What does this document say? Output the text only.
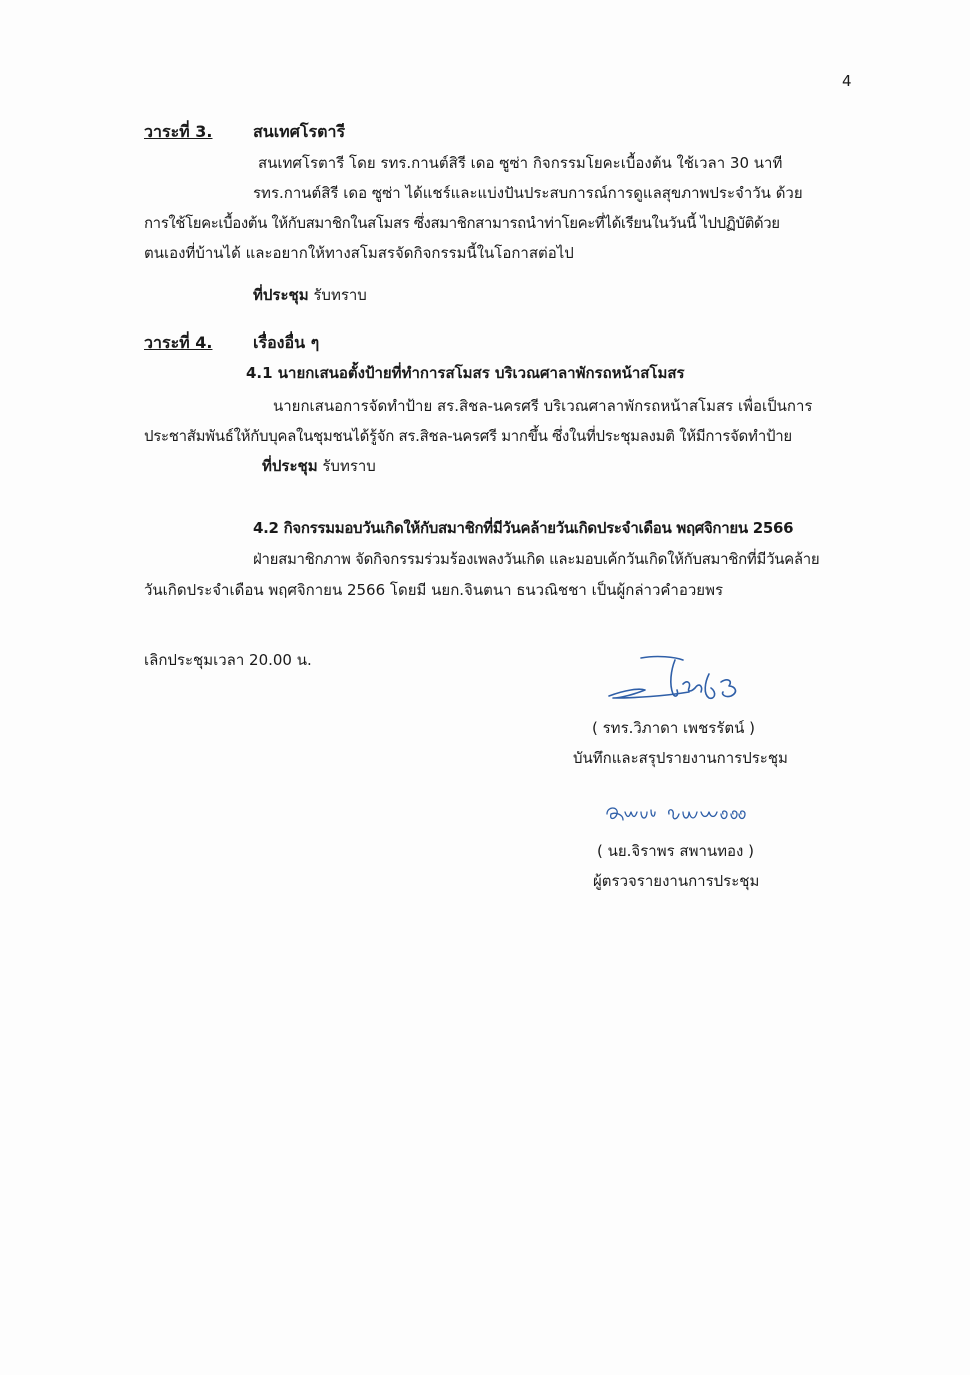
4
วาระที่ 3.	สนเทศโรตารี
สนเทศโรตารี โดย รทร.กานต์สิรี เดอ ซูซ่า กิจกรรมโยคะเบื้องต้น ใช้เวลา 30 นาที
รทร.กานต์สิรี เดอ ซูซ่า ได้แชร์และแบ่งปันประสบการณ์การดูแลสุขภาพประจำวัน ด้วย
การใช้โยคะเบื้องต้น ให้กับสมาชิกในสโมสร ซึ่งสมาชิกสามารถนำท่าโยคะที่ได้เรียนในวันนี้ ไปปฏิบัติด้วย
ตนเองที่บ้านได้ และอยากให้ทางสโมสรจัดกิจกรรมนี้ในโอกาสต่อไป
ที่ประชุม รับทราบ
วาระที่ 4.	เรื่องอื่น ๆ
4.1 นายกเสนอตั้งป้ายที่ทำการสโมสร บริเวณศาลาพักรถหน้าสโมสร
นายกเสนอการจัดทำป้าย สร.สิชล-นครศรี บริเวณศาลาพักรถหน้าสโมสร เพื่อเป็นการ
ประชาสัมพันธ์ให้กับบุคลในชุมชนได้รู้จัก สร.สิชล-นครศรี มากขึ้น ซึ่งในที่ประชุมลงมติ ให้มีการจัดทำป้าย
ที่ประชุม รับทราบ
4.2 กิจกรรมมอบวันเกิดให้กับสมาชิกที่มีวันคล้ายวันเกิดประจำเดือน พฤศจิกายน 2566
ฝ่ายสมาชิกภาพ จัดกิจกรรมร่วมร้องเพลงวันเกิด และมอบเค้กวันเกิดให้กับสมาชิกที่มีวันคล้าย
วันเกิดประจำเดือน พฤศจิกายน 2566 โดยมี นยก.จินตนา ธนวณิชชา เป็นผู้กล่าวคำอวยพร
เลิกประชุมเวลา 20.00 น.
( รทร.วิภาดา เพชรรัตน์ )
บันทึกและสรุปรายงานการประชุม
( นย.จิราพร สพานทอง )
ผู้ตรวจรายงานการประชุม
